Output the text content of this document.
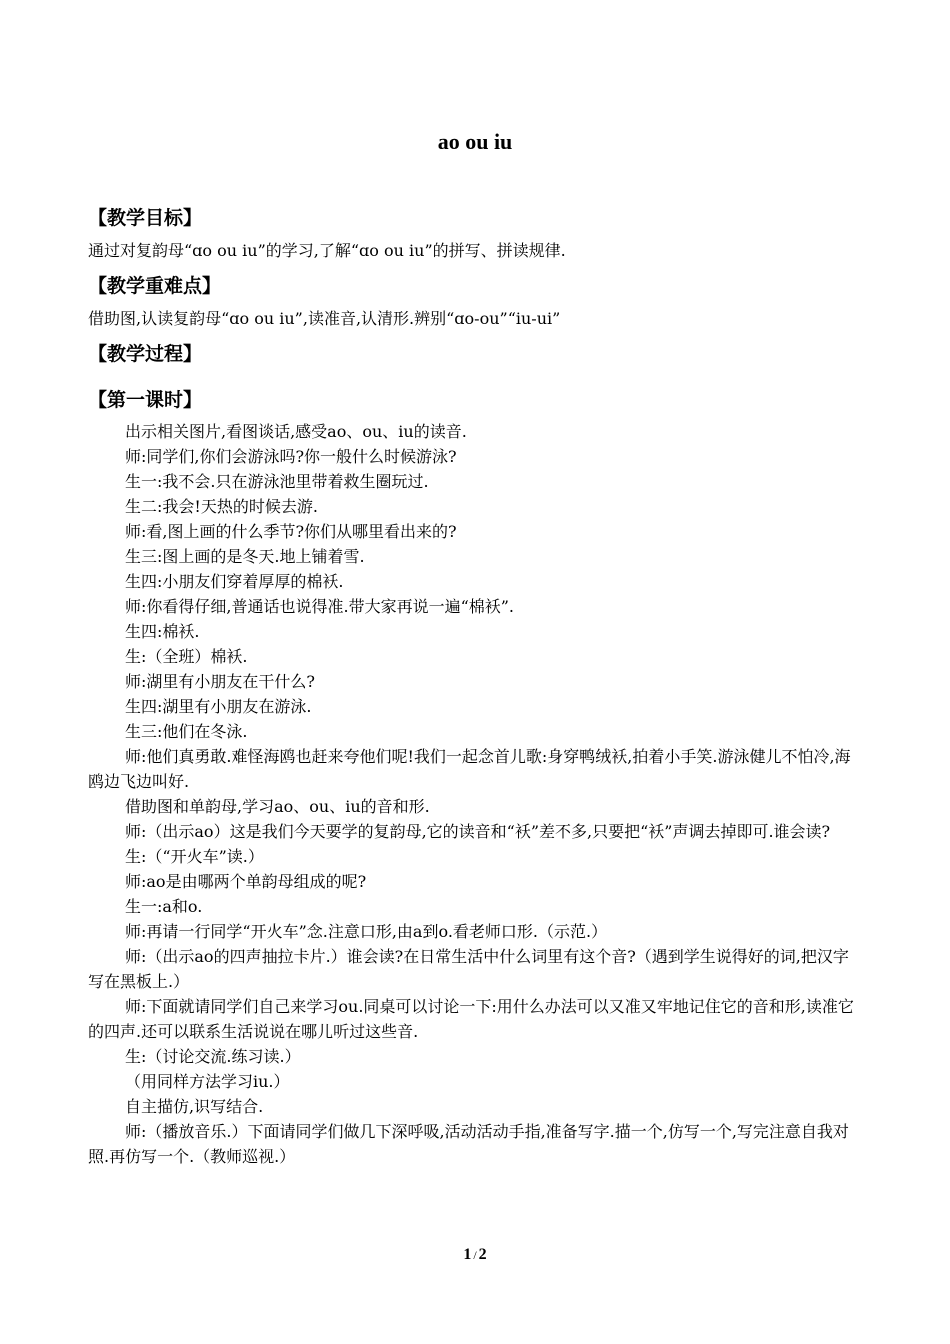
ao ou iu

【教学目标】

通过对复韵母“ɑo ou iu”的学习,了解“ɑo ou iu”的拼写、拼读规律.

【教学重难点】

借助图,认读复韵母“ɑo ou iu”,读准音,认清形.辨别“ɑo-ou”“iu-ui”

【教学过程】

【第一课时】

出示相关图片,看图谈话,感受ao、ou、iu的读音.

师:同学们,你们会游泳吗?你一般什么时候游泳?

生一:我不会.只在游泳池里带着救生圈玩过.

生二:我会!天热的时候去游.

师:看,图上画的什么季节?你们从哪里看出来的?

生三:图上画的是冬天.地上铺着雪.

生四:小朋友们穿着厚厚的棉袄.

师:你看得仔细,普通话也说得准.带大家再说一遍“棉袄”.

生四:棉袄.

生:（全班）棉袄.

师:湖里有小朋友在干什么?

生四:湖里有小朋友在游泳.

生三:他们在冬泳.

师:他们真勇敢.难怪海鸥也赶来夸他们呢!我们一起念首儿歌:身穿鸭绒袄,拍着小手笑.游泳健儿不怕冷,海鸥边飞边叫好.

借助图和单韵母,学习ao、ou、iu的音和形.

师:（出示ao）这是我们今天要学的复韵母,它的读音和“袄”差不多,只要把“袄”声调去掉即可.谁会读?

生:（“开火车”读.）

师:ao是由哪两个单韵母组成的呢?

生一:a和o.

师:再请一行同学“开火车”念.注意口形,由a到o.看老师口形.（示范.）

师:（出示ao的四声抽拉卡片.）谁会读?在日常生活中什么词里有这个音?（遇到学生说得好的词,把汉字写在黑板上.）

师:下面就请同学们自己来学习ou.同桌可以讨论一下:用什么办法可以又准又牢地记住它的音和形,读准它的四声.还可以联系生活说说在哪儿听过这些音.

生:（讨论交流.练习读.）

（用同样方法学习iu.）

自主描仿,识写结合.

师:（播放音乐.）下面请同学们做几下深呼吸,活动活动手指,准备写字.描一个,仿写一个,写完注意自我对照.再仿写一个.（教师巡视.）

1 / 2
